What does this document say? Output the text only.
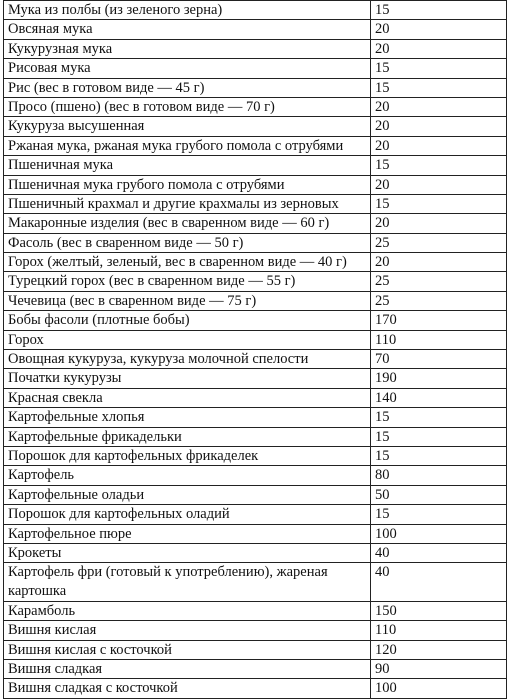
Мука из полбы (из зеленого зерна)	15
Овсяная мука	20
Кукурузная мука	20
Рисовая мука	15
Рис (вес в готовом виде — 45 г)	15
Просо (пшено) (вес в готовом виде — 70 г)	20
Кукуруза высушенная	20
Ржаная мука, ржаная мука грубого помола с отрубями	20
Пшеничная мука	15
Пшеничная мука грубого помола с отрубями	20
Пшеничный крахмал и другие крахмалы из зерновых	15
Макаронные изделия (вес в сваренном виде — 60 г)	20
Фасоль (вес в сваренном виде — 50 г)	25
Горох (желтый, зеленый, вес в сваренном виде — 40 г)	20
Турецкий горох (вес в сваренном виде — 55 г)	25
Чечевица (вес в сваренном виде — 75 г)	25
Бобы фасоли (плотные бобы)	170
Горох	110
Овощная кукуруза, кукуруза молочной спелости	70
Початки кукурузы	190
Красная свекла	140
Картофельные хлопья	15
Картофельные фрикадельки	15
Порошок для картофельных фрикаделек	15
Картофель	80
Картофельные оладьи	50
Порошок для картофельных оладий	15
Картофельное пюре	100
Крокеты	40
Картофель фри (готовый к употреблению), жареная картошка	40
Карамболь	150
Вишня кислая	110
Вишня кислая с косточкой	120
Вишня сладкая	90
Вишня сладкая с косточкой	100
